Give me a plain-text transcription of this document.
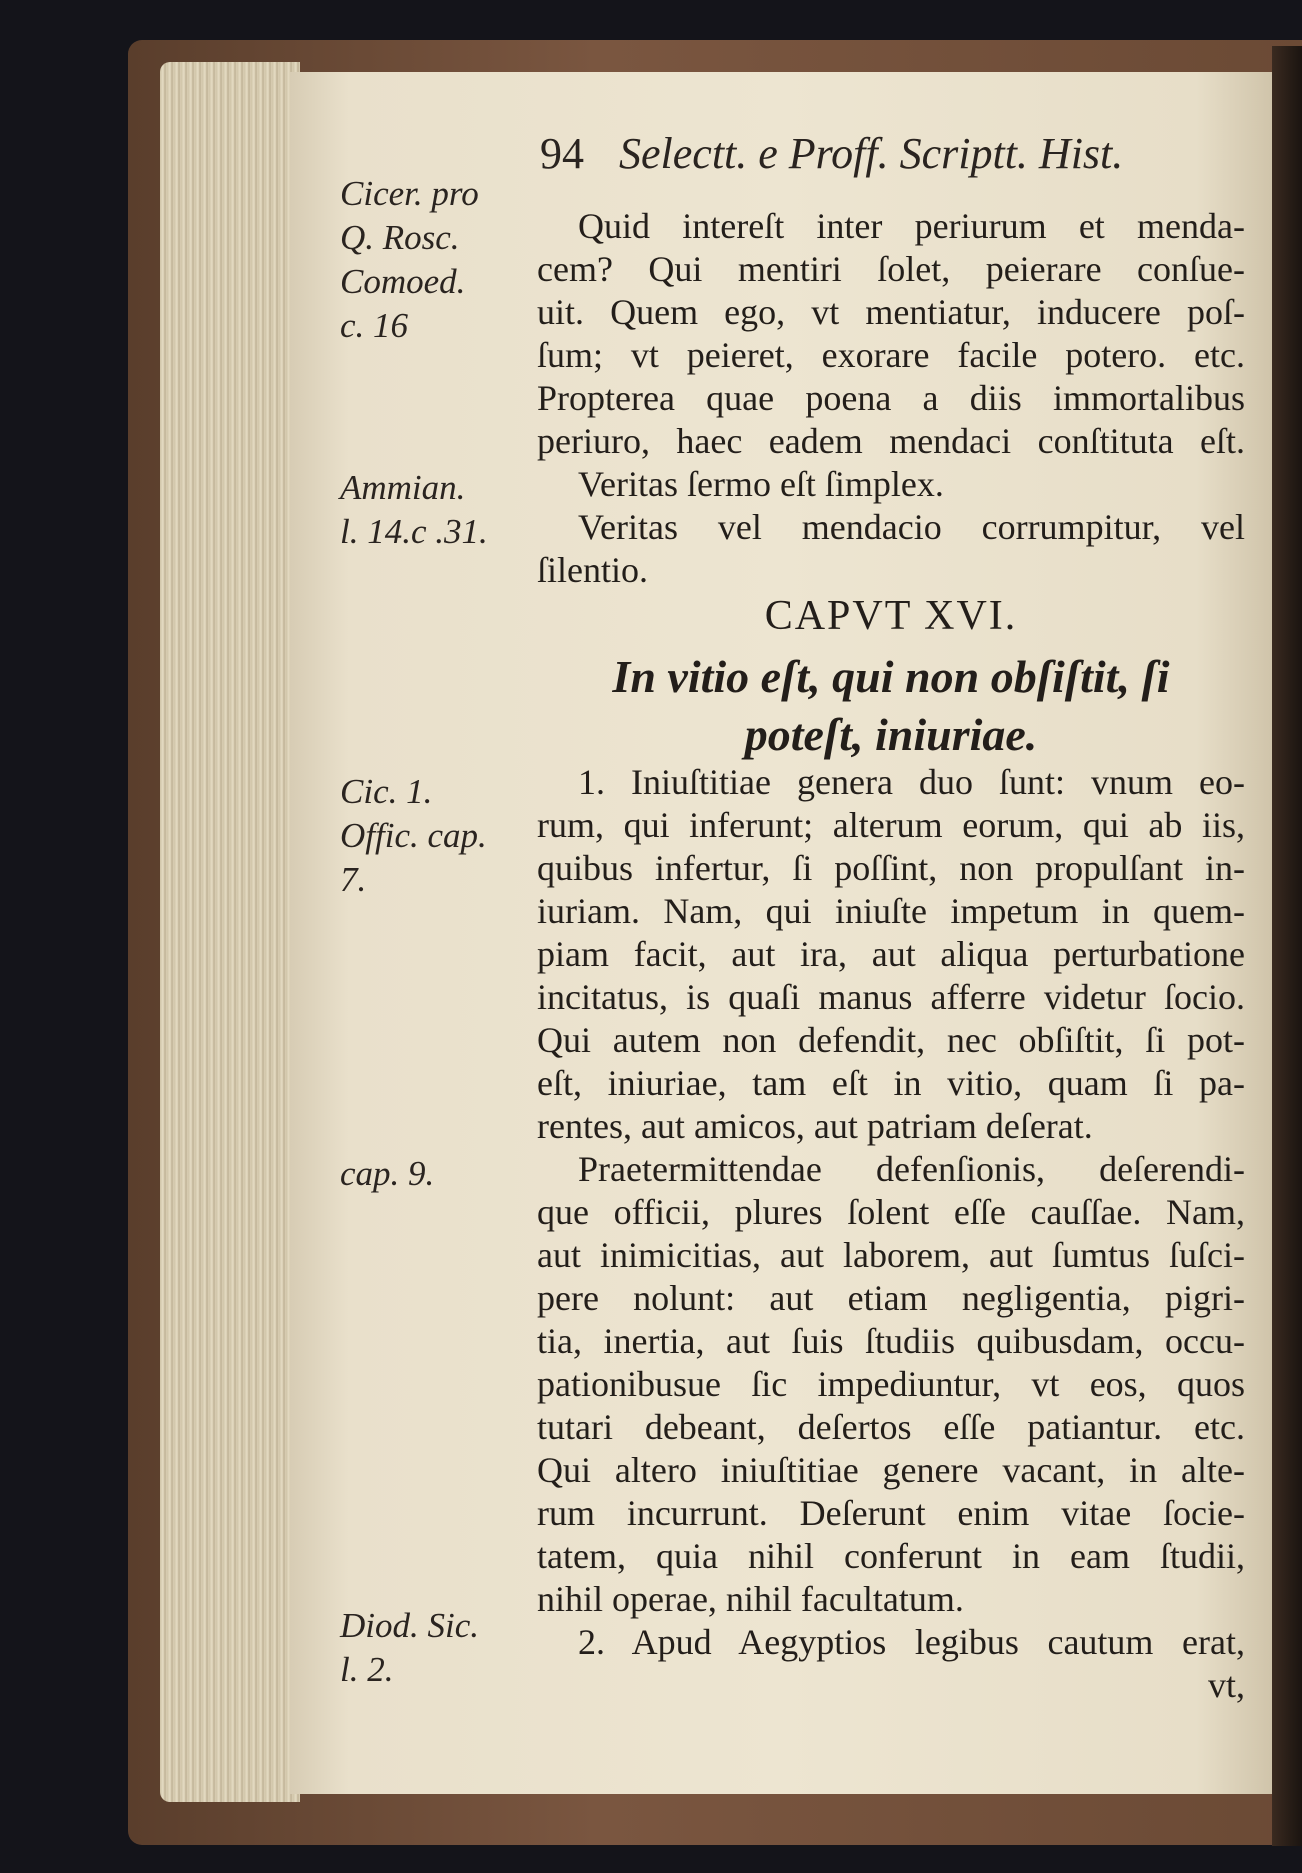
94 Selectt. e Proff. Scriptt. Hist.
Cicer. pro
Q. Rosc.
Comoed.
c. 16
Ammian.
l. 14.c .31.
Cic. 1.
Offic. cap.
7.
cap. 9.
Diod. Sic.
l. 2.
Quid intereſt inter periurum et menda-
cem? Qui mentiri ſolet, peierare conſue-
uit. Quem ego, vt mentiatur, inducere poſ-
ſum; vt peieret, exorare facile potero. etc.
Propterea quae poena a diis immortalibus
periuro, haec eadem mendaci conſtituta eſt.
Veritas ſermo eſt ſimplex.
Veritas vel mendacio corrumpitur, vel
ſilentio.
CAPVT XVI.
In vitio eſt, qui non obſiſtit, ſi
poteſt, iniuriae.
1. Iniuſtitiae genera duo ſunt: vnum eo-
rum, qui inferunt; alterum eorum, qui ab iis,
quibus infertur, ſi poſſint, non propulſant in-
iuriam. Nam, qui iniuſte impetum in quem-
piam facit, aut ira, aut aliqua perturbatione
incitatus, is quaſi manus afferre videtur ſocio.
Qui autem non defendit, nec obſiſtit, ſi pot-
eſt, iniuriae, tam eſt in vitio, quam ſi pa-
rentes, aut amicos, aut patriam deſerat.
Praetermittendae defenſionis, deſerendi-
que officii, plures ſolent eſſe cauſſae. Nam,
aut inimicitias, aut laborem, aut ſumtus ſuſci-
pere nolunt: aut etiam negligentia, pigri-
tia, inertia, aut ſuis ſtudiis quibusdam, occu-
pationibusue ſic impediuntur, vt eos, quos
tutari debeant, deſertos eſſe patiantur. etc.
Qui altero iniuſtitiae genere vacant, in alte-
rum incurrunt. Deſerunt enim vitae ſocie-
tatem, quia nihil conferunt in eam ſtudii,
nihil operae, nihil facultatum.
2. Apud Aegyptios legibus cautum erat,
vt,
